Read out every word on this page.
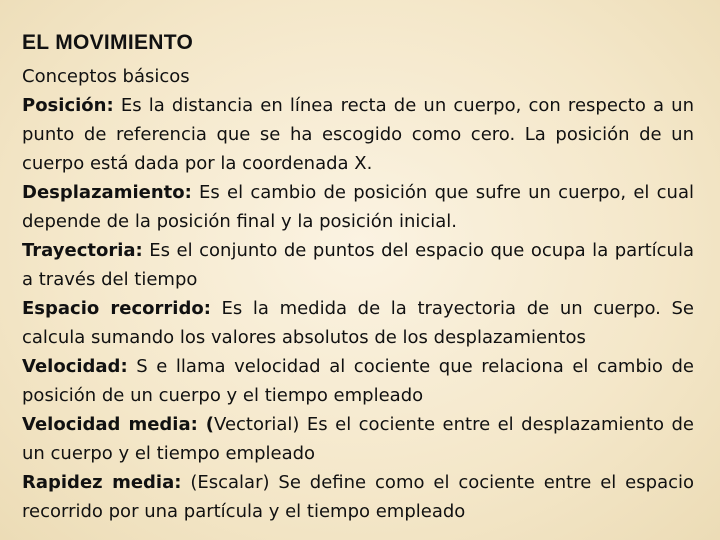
EL MOVIMIENTO

Conceptos básicos

Posición: Es la distancia en línea recta de un cuerpo, con respecto a un punto de referencia que se ha escogido como cero. La posición de un cuerpo está dada por la coordenada X.

Desplazamiento: Es el cambio de posición que sufre un cuerpo, el cual depende de la posición final y la posición inicial.

Trayectoria: Es el conjunto de puntos del espacio que ocupa la partícula a través del tiempo

Espacio recorrido: Es la medida de la trayectoria de un cuerpo. Se calcula sumando los valores absolutos de los desplazamientos

Velocidad: S e llama velocidad al cociente que relaciona el cambio de posición de un cuerpo y el tiempo empleado

Velocidad media: (Vectorial) Es el cociente entre el desplazamiento de un cuerpo y el tiempo empleado

Rapidez media: (Escalar) Se define como el cociente entre el espacio recorrido por una partícula y el tiempo empleado
